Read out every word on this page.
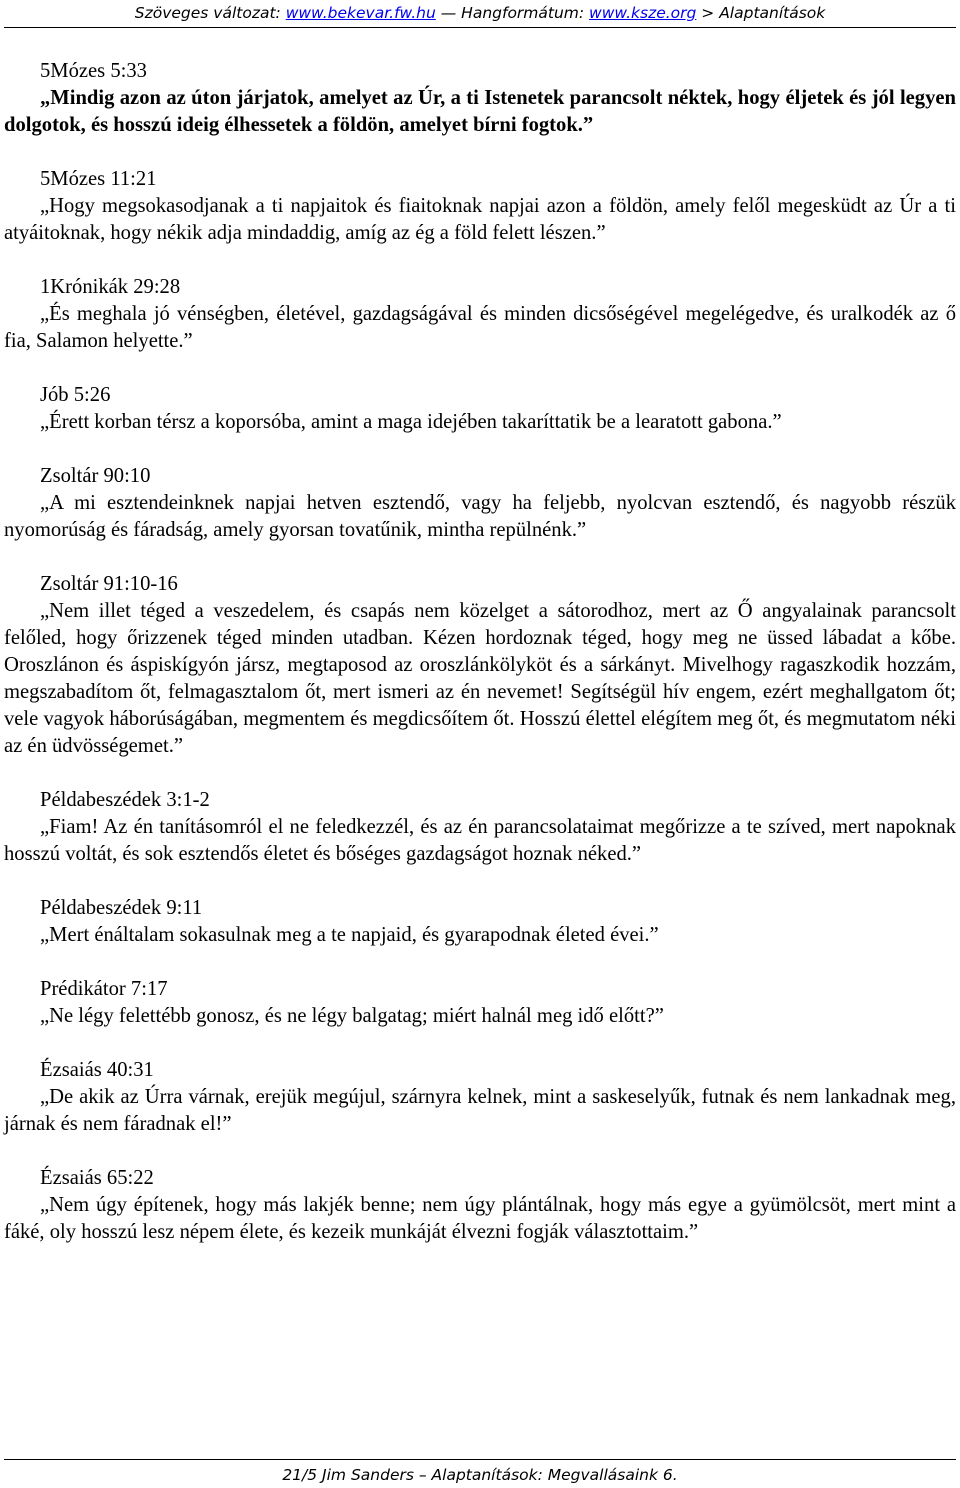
Szöveges változat: www.bekevar.fw.hu — Hangformátum: www.ksze.org > Alaptanítások
5Mózes 5:33
„Mindig azon az úton járjatok, amelyet az Úr, a ti Istenetek parancsolt néktek, hogy éljetek és jól legyen dolgotok, és hosszú ideig élhessetek a földön, amelyet bírni fogtok.”
5Mózes 11:21
„Hogy megsokasodjanak a ti napjaitok és fiaitoknak napjai azon a földön, amely felől megesküdt az Úr a ti atyáitoknak, hogy nékik adja mindaddig, amíg az ég a föld felett lészen.”
1Krónikák 29:28
„És meghala jó vénségben, életével, gazdagságával és minden dicsőségével megelégedve, és uralkodék az ő fia, Salamon helyette.”
Jób 5:26
„Érett korban térsz a koporsóba, amint a maga idejében takaríttatik be a learatott gabona.”
Zsoltár 90:10
„A mi esztendeinknek napjai hetven esztendő, vagy ha feljebb, nyolcvan esztendő, és nagyobb részük nyomorúság és fáradság, amely gyorsan tovatűnik, mintha repülnénk.”
Zsoltár 91:10-16
„Nem illet téged a veszedelem, és csapás nem közelget a sátorodhoz, mert az Ő angyalainak parancsolt felőled, hogy őrizzenek téged minden utadban. Kézen hordoznak téged, hogy meg ne üssed lábadat a kőbe. Oroszlánon és áspiskígyón jársz, megtaposod az oroszlánkölyköt és a sárkányt. Mivelhogy ragaszkodik hozzám, megszabadítom őt, felmagasztalom őt, mert ismeri az én nevemet! Segítségül hív engem, ezért meghallgatom őt; vele vagyok háborúságában, megmentem és megdicsőítem őt. Hosszú élettel elégítem meg őt, és megmutatom néki az én üdvösségemet.”
Példabeszédek 3:1-2
„Fiam! Az én tanításomról el ne feledkezzél, és az én parancsolataimat megőrizze a te szíved, mert napoknak hosszú voltát, és sok esztendős életet és bőséges gazdagságot hoznak néked.”
Példabeszédek 9:11
„Mert énáltalam sokasulnak meg a te napjaid, és gyarapodnak életed évei.”
Prédikátor 7:17
„Ne légy felettébb gonosz, és ne légy balgatag; miért halnál meg idő előtt?”
Ézsaiás 40:31
„De akik az Úrra várnak, erejük megújul, szárnyra kelnek, mint a saskeselyűk, futnak és nem lankadnak meg, járnak és nem fáradnak el!”
Ézsaiás 65:22
„Nem úgy építenek, hogy más lakjék benne; nem úgy plántálnak, hogy más egye a gyümölcsöt, mert mint a fáké, oly hosszú lesz népem élete, és kezeik munkáját élvezni fogják választottaim.”
21/5 Jim Sanders – Alaptanítások: Megvallásaink 6.
